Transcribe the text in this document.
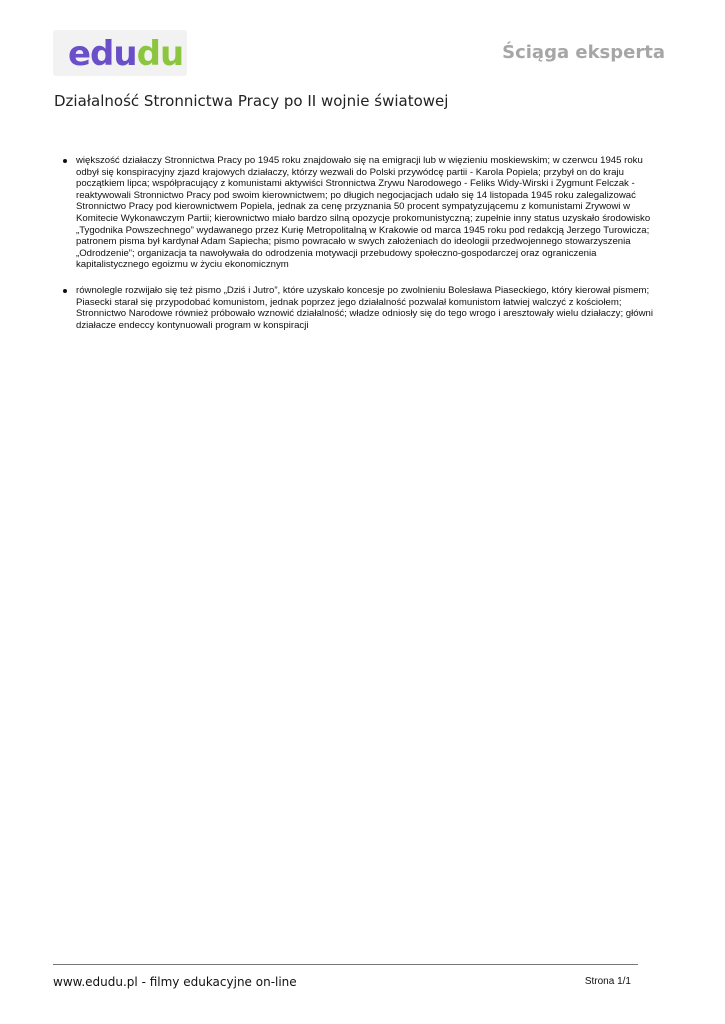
edudu	Ściąga eksperta
Działalność Stronnictwa Pracy po II wojnie światowej
większość działaczy Stronnictwa Pracy po 1945 roku znajdowało się na emigracji lub w więzieniu moskiewskim; w czerwcu 1945 roku odbył się konspiracyjny zjazd krajowych działaczy, którzy wezwali do Polski przywódcę partii - Karola Popiela; przybył on do kraju początkiem lipca; współpracujący z komunistami aktywiści Stronnictwa Zrywu Narodowego - Feliks Widy-Wirski i Zygmunt Felczak - reaktywowali Stronnictwo Pracy pod swoim kierownictwem; po długich negocjacjach udało się 14 listopada 1945 roku zalegalizować Stronnictwo Pracy pod kierownictwem Popiela, jednak za cenę przyznania 50 procent sympatyzującemu z komunistami Zrywowi w Komitecie Wykonawczym Partii; kierownictwo miało bardzo silną opozycje prokomunistyczną; zupełnie inny status uzyskało środowisko „Tygodnika Powszechnego” wydawanego przez Kurię Metropolitalną w Krakowie od marca 1945 roku pod redakcją Jerzego Turowicza; patronem pisma był kardynał Adam Sapiecha; pismo powracało w swych założeniach do ideologii przedwojennego stowarzyszenia „Odrodzenie”; organizacja ta nawoływała do odrodzenia motywacji przebudowy społeczno-gospodarczej oraz ograniczenia kapitalistycznego egoizmu w życiu ekonomicznym
równolegle rozwijało się też pismo „Dziś i Jutro”, które uzyskało koncesje po zwolnieniu Bolesława Piaseckiego, który kierował pismem; Piasecki starał się przypodobać komunistom, jednak poprzez jego działalność pozwalał komunistom łatwiej walczyć z kościołem; Stronnictwo Narodowe również próbowało wznowić działalność; władze odniosły się do tego wrogo i aresztowały wielu działaczy; główni działacze endeccy kontynuowali program w konspiracji
www.edudu.pl - filmy edukacyjne on-line	Strona 1/1
